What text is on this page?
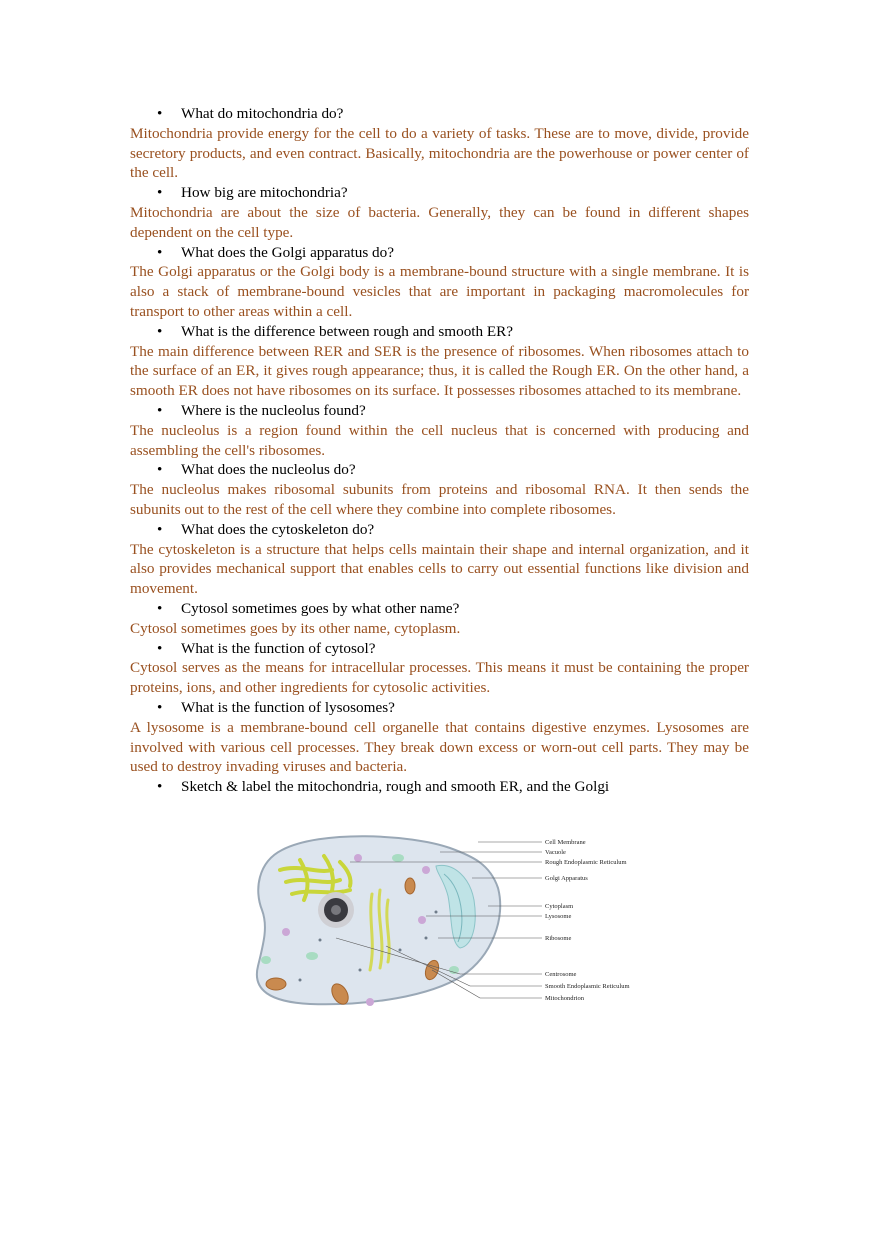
• What do mitochondria do?
Mitochondria provide energy for the cell to do a variety of tasks. These are to move, divide, provide secretory products, and even contract. Basically, mitochondria are the powerhouse or power center of the cell.
• How big are mitochondria?
Mitochondria are about the size of bacteria. Generally, they can be found in different shapes dependent on the cell type.
• What does the Golgi apparatus do?
The Golgi apparatus or the Golgi body is a membrane-bound structure with a single membrane. It is also a stack of membrane-bound vesicles that are important in packaging macromolecules for transport to other areas within a cell.
• What is the difference between rough and smooth ER?
The main difference between RER and SER is the presence of ribosomes. When ribosomes attach to the surface of an ER, it gives rough appearance; thus, it is called the Rough ER. On the other hand, a smooth ER does not have ribosomes on its surface. It possesses ribosomes attached to its membrane.
• Where is the nucleolus found?
The nucleolus is a region found within the cell nucleus that is concerned with producing and assembling the cell's ribosomes.
• What does the nucleolus do?
The nucleolus makes ribosomal subunits from proteins and ribosomal RNA. It then sends the subunits out to the rest of the cell where they combine into complete ribosomes.
• What does the cytoskeleton do?
The cytoskeleton is a structure that helps cells maintain their shape and internal organization, and it also provides mechanical support that enables cells to carry out essential functions like division and movement.
• Cytosol sometimes goes by what other name?
Cytosol sometimes goes by its other name, cytoplasm.
• What is the function of cytosol?
Cytosol serves as the means for intracellular processes. This means it must be containing the proper proteins, ions, and other ingredients for cytosolic activities.
• What is the function of lysosomes?
A lysosome is a membrane-bound cell organelle that contains digestive enzymes. Lysosomes are involved with various cell processes. They break down excess or worn-out cell parts. They may be used to destroy invading viruses and bacteria.
• Sketch & label the mitochondria, rough and smooth ER, and the Golgi
Cell Membrane
Vacuole
Rough Endoplasmic Reticulum
Golgi Apparatus
Cytoplasm
Lysosome
Ribosome
Centrosome
Smooth Endoplasmic Reticulum
Mitochondrion
